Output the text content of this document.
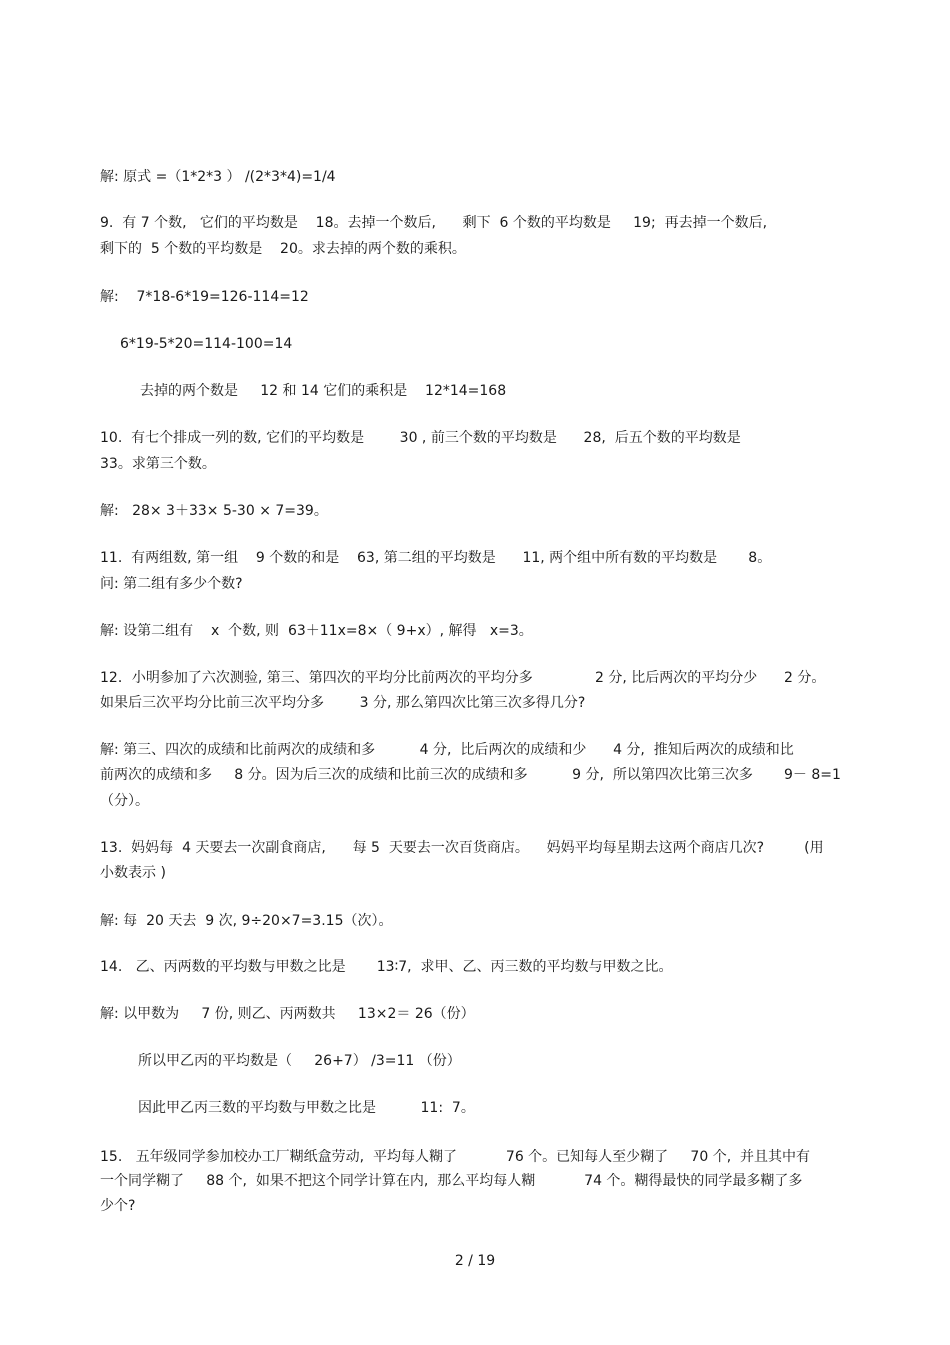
解: 原式 =（1*2*3 ） /(2*3*4)=1/4
9.  有 7 个数,   它们的平均数是    18。去掉一个数后,      剩下  6 个数的平均数是     19;  再去掉一个数后,
剩下的  5 个数的平均数是    20。求去掉的两个数的乘积。
解:    7*18-6*19=126-114=12
6*19-5*20=114-100=14
去掉的两个数是     12 和 14 它们的乘积是    12*14=168
10.  有七个排成一列的数, 它们的平均数是        30 , 前三个数的平均数是      28,  后五个数的平均数是
33。求第三个数。
解:   28× 3＋33× 5-30 × 7=39。
11.  有两组数, 第一组    9 个数的和是    63, 第二组的平均数是      11, 两个组中所有数的平均数是       8。
问: 第二组有多少个数?
解: 设第二组有    x  个数, 则  63＋11x=8×（ 9+x）, 解得   x=3。
12．小明参加了六次测验, 第三、第四次的平均分比前两次的平均分多              2 分, 比后两次的平均分少      2 分。
如果后三次平均分比前三次平均分多        3 分, 那么第四次比第三次多得几分?
解: 第三、四次的成绩和比前两次的成绩和多          4 分,  比后两次的成绩和少      4 分,  推知后两次的成绩和比
前两次的成绩和多     8 分。因为后三次的成绩和比前三次的成绩和多          9 分,  所以第四次比第三次多       9－ 8=1
（分）。
13.  妈妈每  4 天要去一次副食商店,      每 5  天要去一次百货商店。    妈妈平均每星期去这两个商店几次?         (用
小数表示 )
解: 每  20 天去  9 次, 9÷20×7=3.15（次）。
14.   乙、丙两数的平均数与甲数之比是       13∶7,  求甲、乙、丙三数的平均数与甲数之比。
解: 以甲数为     7 份, 则乙、丙两数共     13×2＝ 26（份）
所以甲乙丙的平均数是（     26+7） /3=11 （份）
因此甲乙丙三数的平均数与甲数之比是          11:  7。
15.   五年级同学参加校办工厂糊纸盒劳动,  平均每人糊了           76 个。已知每人至少糊了     70 个,  并且其中有
一个同学糊了     88 个,  如果不把这个同学计算在内,  那么平均每人糊           74 个。糊得最快的同学最多糊了多
少个?
2 / 19
